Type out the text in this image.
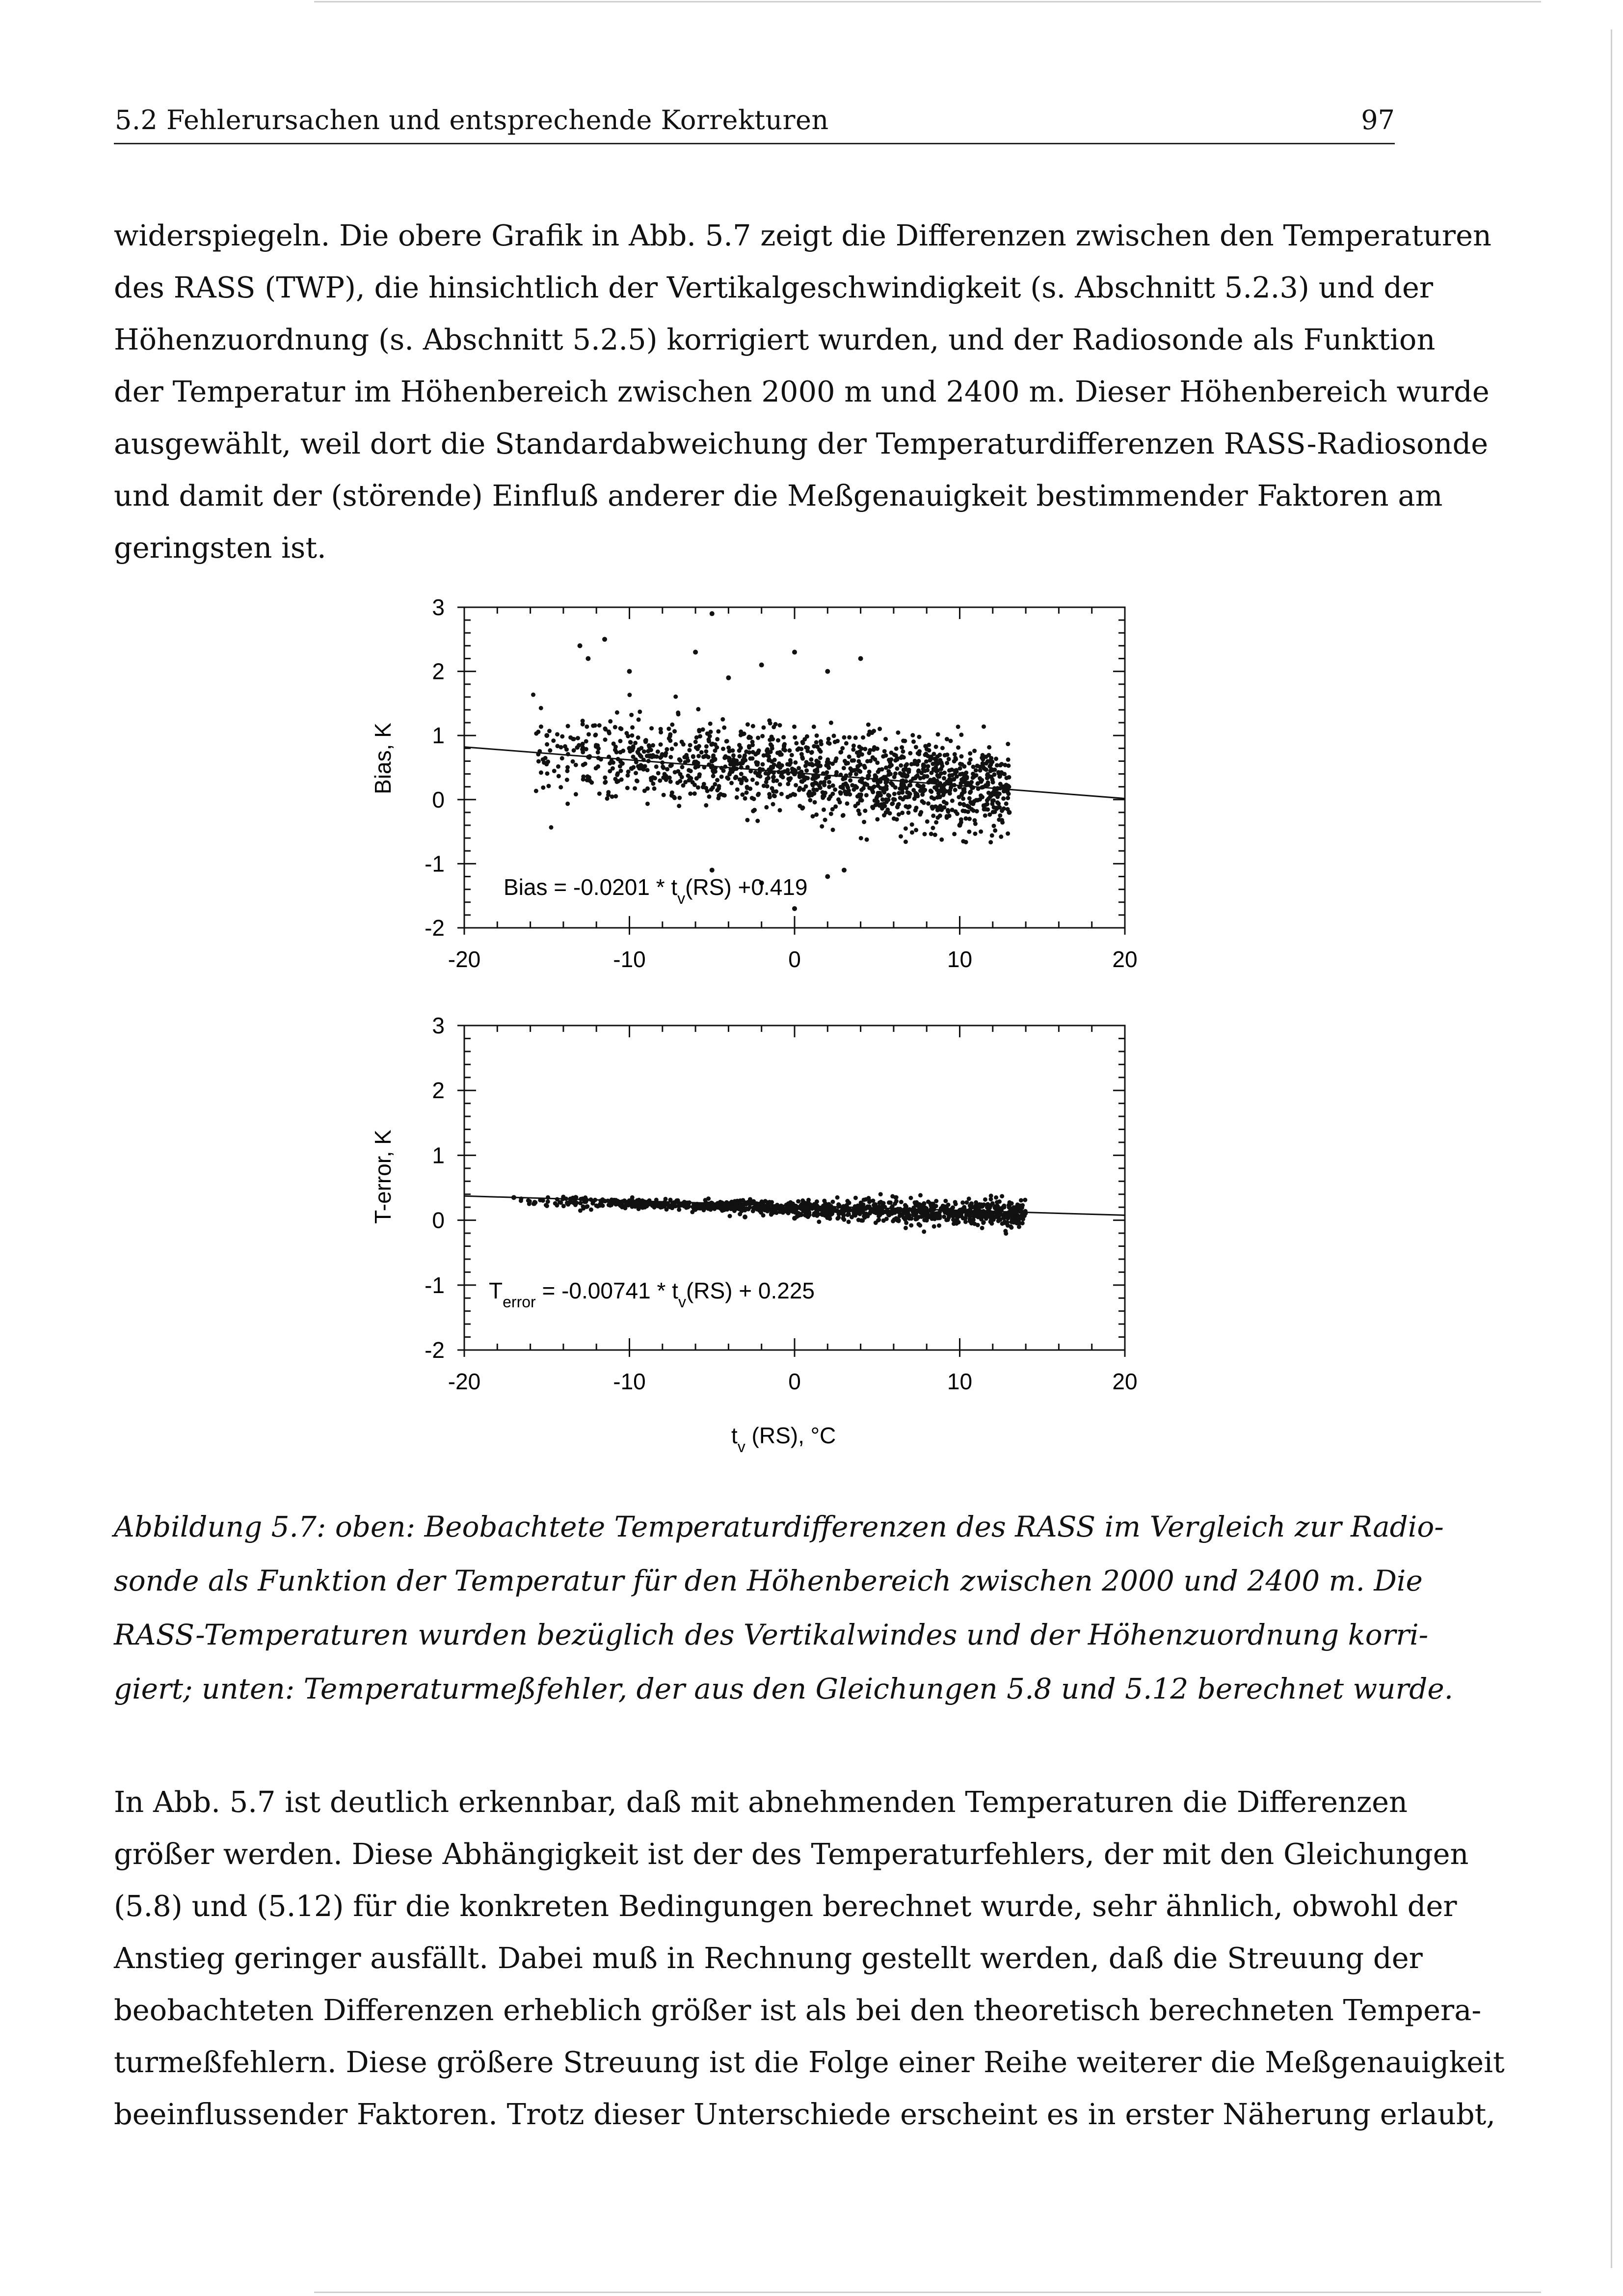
5.2 Fehlerursachen und entsprechende Korrekturen	97
widerspiegeln. Die obere Grafik in Abb. 5.7 zeigt die Differenzen zwischen den Temperaturen
des RASS (TWP), die hinsichtlich der Vertikalgeschwindigkeit (s. Abschnitt 5.2.3) und der
Höhenzuordnung (s. Abschnitt 5.2.5) korrigiert wurden, und der Radiosonde als Funktion
der Temperatur im Höhenbereich zwischen 2000 m und 2400 m. Dieser Höhenbereich wurde
ausgewählt, weil dort die Standardabweichung der Temperaturdifferenzen RASS-Radiosonde
und damit der (störende) Einfluß anderer die Meßgenauigkeit bestimmender Faktoren am
geringsten ist.
3
2
1
0
-1
-2
-20	-10	0	10	20
3
2
1
0
-1
-2
-20	-10	0	10	20
Bias, K
T-error, K
Bias = $-0.0201 * t_v(RS) +0.419$
$T_{error} = -0.00741 * t_v(RS) + 0.225$
$t_v$ (RS), °C
Abbildung 5.7: oben: Beobachtete Temperaturdifferenzen des RASS im Vergleich zur Radio-
sonde als Funktion der Temperatur für den Höhenbereich zwischen 2000 und 2400 m. Die
RASS-Temperaturen wurden bezüglich des Vertikalwindes und der Höhenzuordnung korri-
giert; unten: Temperaturmeßfehler, der aus den Gleichungen 5.8 und 5.12 berechnet wurde.
In Abb. 5.7 ist deutlich erkennbar, daß mit abnehmenden Temperaturen die Differenzen
größer werden. Diese Abhängigkeit ist der des Temperaturfehlers, der mit den Gleichungen
(5.8) und (5.12) für die konkreten Bedingungen berechnet wurde, sehr ähnlich, obwohl der
Anstieg geringer ausfällt. Dabei muß in Rechnung gestellt werden, daß die Streuung der
beobachteten Differenzen erheblich größer ist als bei den theoretisch berechneten Tempera-
turmeßfehlern. Diese größere Streuung ist die Folge einer Reihe weiterer die Meßgenauigkeit
beeinflussender Faktoren. Trotz dieser Unterschiede erscheint es in erster Näherung erlaubt,
